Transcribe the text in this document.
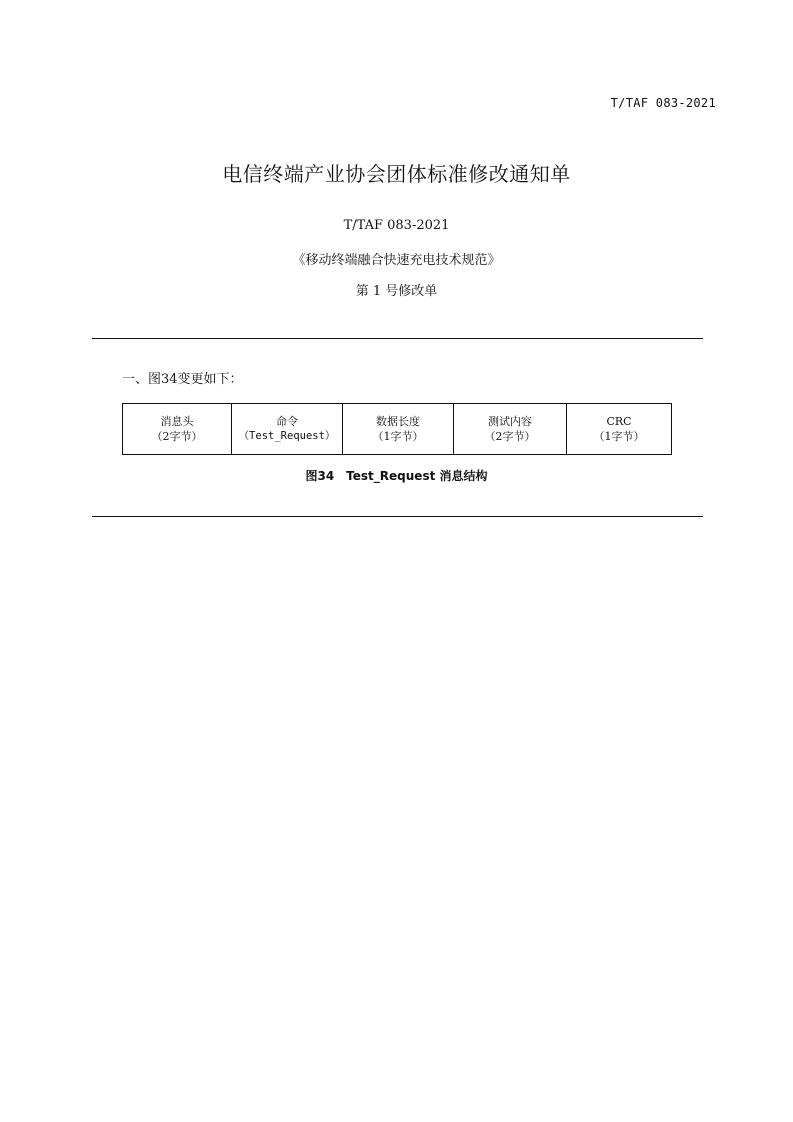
T/TAF 083-2021
电信终端产业协会团体标准修改通知单
T/TAF 083-2021
《移动终端融合快速充电技术规范》
第 1 号修改单
一、图34变更如下：
消息头
（2字节）

命令
（Test_Request）

数据长度
（1字节）

测试内容
（2字节）

CRC
（1字节）
图34　Test_Request 消息结构
